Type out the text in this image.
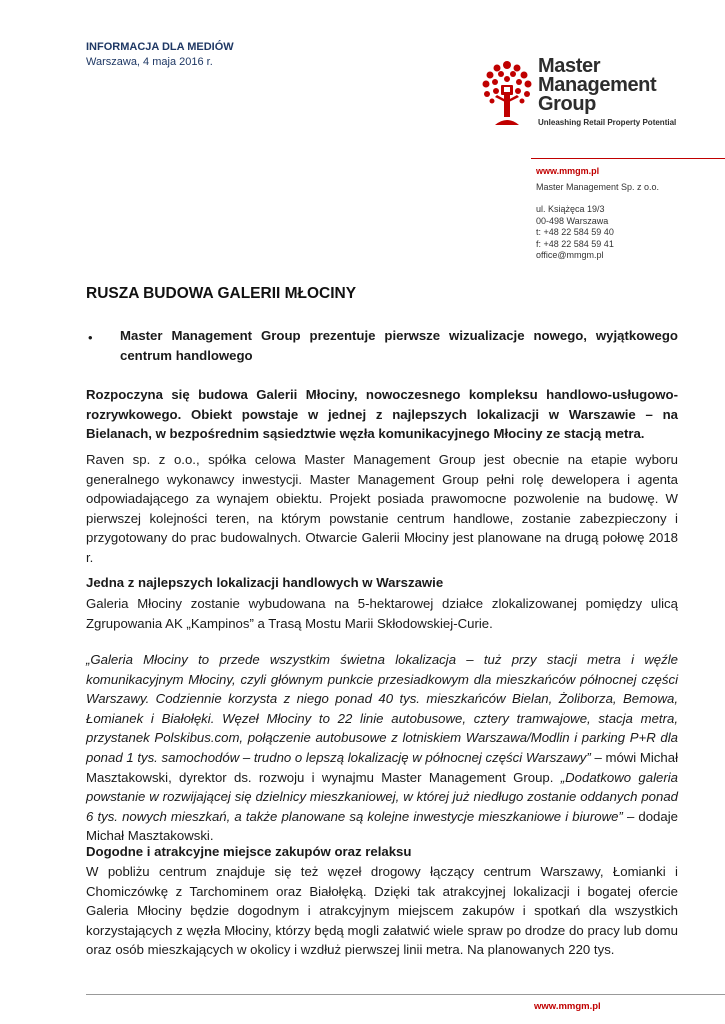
INFORMACJA DLA MEDIÓW
Warszawa, 4 maja 2016 r.	Master
Management
Group
Unleashing Retail Property Potential
www.mmgm.pl
Master Management Sp. z o.o.
ul. Książęca 19/3
00-498 Warszawa
t: +48 22 584 59 40
f: +48 22 584 59 41
office@mmgm.pl
RUSZA BUDOWA GALERII MŁOCINY
• Master Management Group prezentuje pierwsze wizualizacje nowego, wyjątkowego centrum handlowego
Rozpoczyna się budowa Galerii Młociny, nowoczesnego kompleksu handlowo-usługowo-rozrywkowego. Obiekt powstaje w jednej z najlepszych lokalizacji w Warszawie – na Bielanach, w bezpośrednim sąsiedztwie węzła komunikacyjnego Młociny ze stacją metra.
Raven sp. z o.o., spółka celowa Master Management Group jest obecnie na etapie wyboru generalnego wykonawcy inwestycji. Master Management Group pełni rolę dewelopera i agenta odpowiadającego za wynajem obiektu. Projekt posiada prawomocne pozwolenie na budowę. W pierwszej kolejności teren, na którym powstanie centrum handlowe, zostanie zabezpieczony i przygotowany do prac budowalnych. Otwarcie Galerii Młociny jest planowane na drugą połowę 2018 r.
Jedna z najlepszych lokalizacji handlowych w Warszawie
Galeria Młociny zostanie wybudowana na 5-hektarowej działce zlokalizowanej pomiędzy ulicą Zgrupowania AK „Kampinos” a Trasą Mostu Marii Skłodowskiej-Curie.
„Galeria Młociny to przede wszystkim świetna lokalizacja – tuż przy stacji metra i węźle komunikacyjnym Młociny, czyli głównym punkcie przesiadkowym dla mieszkańców północnej części Warszawy. Codziennie korzysta z niego ponad 40 tys. mieszkańców Bielan, Żoliborza, Bemowa, Łomianek i Białołęki. Węzeł Młociny to 22 linie autobusowe, cztery tramwajowe, stacja metra, przystanek Polskibus.com, połączenie autobusowe z lotniskiem Warszawa/Modlin i parking P+R dla ponad 1 tys. samochodów – trudno o lepszą lokalizację w północnej części Warszawy” – mówi Michał Masztakowski, dyrektor ds. rozwoju i wynajmu Master Management Group. „Dodatkowo galeria powstanie w rozwijającej się dzielnicy mieszkaniowej, w której już niedługo zostanie oddanych ponad 6 tys. nowych mieszkań, a także planowane są kolejne inwestycje mieszkaniowe i biurowe” – dodaje Michał Masztakowski.
Dogodne i atrakcyjne miejsce zakupów oraz relaksu
W pobliżu centrum znajduje się też węzeł drogowy łączący centrum Warszawy, Łomianki i Chomiczówkę z Tarchominem oraz Białołęką. Dzięki tak atrakcyjnej lokalizacji i bogatej ofercie Galeria Młociny będzie dogodnym i atrakcyjnym miejscem zakupów i spotkań dla wszystkich korzystających z węzła Młociny, którzy będą mogli załatwić wiele spraw po drodze do pracy lub domu oraz osób mieszkających w okolicy i wzdłuż pierwszej linii metra. Na planowanych 220 tys.
www.mmgm.pl
